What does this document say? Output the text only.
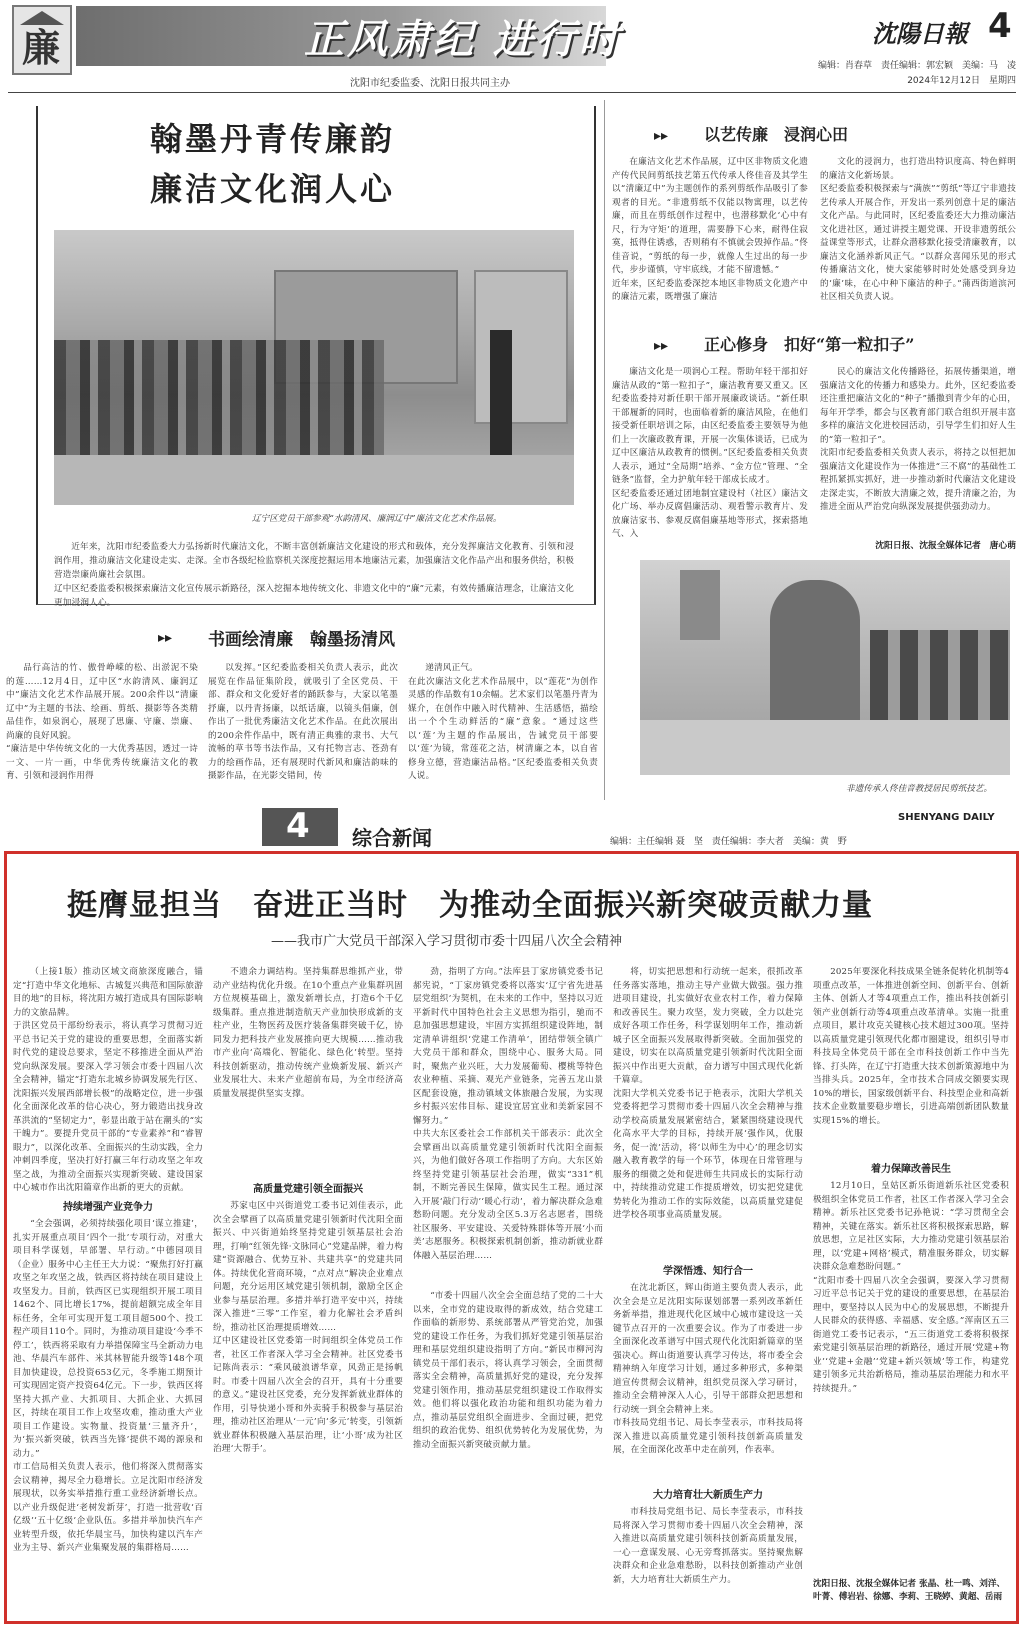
廉	正风肃纪 进行时
沈阳市纪委监委、沈阳日报共同主办
沈陽日報 4
编辑：肖春草　责任编辑：郭宏颖　美编：马　凌
2024年12月12日　星期四
翰墨丹青传廉韵
廉洁文化润人心
辽宁区党员干部参观“水韵清风、廉润辽中”廉洁文化艺术作品展。
近年来，沈阳市纪委监委大力弘扬新时代廉洁文化，不断丰富创新廉洁文化建设的形式和载体，充分发挥廉洁文化教育、引领和浸润作用，推动廉洁文化建设走实、走深。全市各级纪检监察机关深度挖掘运用本地廉洁元素，加强廉洁文化作品产出和服务供给，积极营造崇廉尚廉社会氛围。
辽中区纪委监委积极探索廉洁文化宣传展示新路径，深入挖掘本地传统文化、非遗文化中的“廉”元素，有效传播廉洁理念，让廉洁文化更加浸润人心。
▸▸ 书画绘清廉　翰墨扬清风
品行高洁的竹、傲骨峥嵘的松、出淤泥不染的莲……12月4日，辽中区“水韵清风、廉润辽中”廉洁文化艺术作品展开展。200余件以“清廉辽中”为主题的书法、绘画、剪纸、摄影等各类精品佳作，如泉润心，展现了思廉、守廉、崇廉、尚廉的良好风貌。
“廉洁是中华传统文化的一大优秀基因，透过一诗一文、一片一画，中华优秀传统廉洁文化的教育、引领和浸润作用得
以发挥。”区纪委监委相关负责人表示，此次展览在作品征集阶段，就吸引了全区党员、干部、群众和文化爱好者的踊跃参与，大家以笔墨抒廉，以丹青扬廉，以纸话廉，以镜头倡廉，创作出了一批优秀廉洁文化艺术作品。在此次展出的200余件作品中，既有清正典雅的隶书、大气流畅的草书等书法作品，又有托物言志、苍劲有力的绘画作品，还有展现时代新风和廉洁韵味的摄影作品，在光影交错间，传
递清风正气。
在此次廉洁文化艺术作品展中，以“莲花”为创作灵感的作品数有10余幅。艺术家们以笔墨丹青为媒介，在创作中融入时代精神、生活感悟，描绘出一个个生动鲜活的“廉”意象。“通过这些以‘莲’为主题的作品展出，告诫党员干部要以‘莲’为镜，常莲花之洁，树清廉之本，以自省修身立德，营造廉洁品格。”区纪委监委相关负责人说。
▸▸ 以艺传廉　浸润心田
在廉洁文化艺术作品展，辽中区非物质文化遗产传代民间剪纸技艺第五代传承人佟佳音及其学生以“清廉辽中”为主题创作的系列剪纸作品吸引了参观者的目光。“非遗剪纸不仅能以物寓理，以艺传廉，而且在剪纸创作过程中，也潜移默化‘心中有尺，行为守矩’的道理，需要静下心来，耐得住寂寞，抵得住诱惑，否则稍有不慎就会毁掉作品。”佟佳音说，“剪纸的每一步，就像人生过出的每一步代，步步谨慎，守牢底线，才能不留遗憾。”
近年来，区纪委监委深挖本地区非物质文化遗产中的廉洁元素，既增强了廉洁
文化的浸润力，也打造出特识度高、特色鲜明的廉洁文化新场景。
区纪委监委积极探索与“满族”“剪纸”等辽宁非遗技艺传承人开展合作，开发出一系列创意十足的廉洁文化产品。与此同时，区纪委监委还大力推动廉洁文化进社区，通过讲授主题党课、开设非遗剪纸公益课堂等形式，让群众潜移默化接受清廉教育，以廉洁文化涵养新风正气。“以群众喜闻乐见的形式传播廉洁文化，使大家能够时时处处感受到身边的‘廉’味，在心中种下廉洁的种子。”蒲西街道滨河社区相关负责人说。
▸▸ 正心修身　扣好“第一粒扣子”
廉洁文化是一项润心工程。帮助年轻干部扣好廉洁从政的“第一粒扣子”，廉洁教育要又重又。区纪委监委持对新任职干部开展廉政谈话。“新任职干部履新的同时，也面临着新的廉洁风险，在他们接受新任职培训之际，由区纪委监委主要领导为他们上一次廉政教育课，开展一次集体谈话，已成为辽中区廉洁从政教育的惯例。”区纪委监委相关负责人表示，通过“全局期”培养、“金方位”管理、“全链条”监督，全力护航年轻干部成长成才。
区纪委监委还通过团地制宜建设村（社区）廉洁文化广场、举办反腐倡廉活动、观看警示教育片、发放廉洁家书、参观反腐倡廉基地等形式，探索搭地气、入
民心的廉洁文化传播路径，拓展传播渠道，增强廉洁文化的传播力和感染力。此外，区纪委监委还注重把廉洁文化的“种子”播撒到青少年的心田，每年开学季，都会与区教育部门联合组织开展丰富多样的廉洁文化进校园活动，引导学生们扣好人生的“第一粒扣子”。
沈阳市纪委监委相关负责人表示，将持之以恒把加强廉洁文化建设作为一体推进“三不腐”的基础性工程抓紧抓实抓好，进一步推动新时代廉洁文化建设走深走实，不断放大清廉之效，提升清廉之治，为推进全面从严治党向纵深发展提供强劲动力。
沈阳日报、沈报全媒体记者　唐心萌
非遗传承人佟佳音教授居民剪纸技艺。
SHENYANG DAILY
4 综合新闻	编辑：主任编辑 聂　坚　责任编辑：李大者　美编：黄　野
挺膺显担当　奋进正当时　为推动全面振兴新突破贡献力量
——我市广大党员干部深入学习贯彻市委十四届八次全会精神
（上接1版）推动区域文商旅深度融合，锚定“打造中华文化地标、古城复兴典范和国际旅游目的地”的目标，将沈阳方城打造成具有国际影响力的文旅品牌。
于洪区党员干部纷纷表示，将认真学习贯彻习近平总书记关于党的建设的重要思想，全面落实新时代党的建设总要求，坚定不移推进全面从严治党向纵深发展。要深入学习领会市委十四届八次全会精神，锚定“打造东北城乡协调发展先行区、沈阳振兴发展西部增长极”的战略定位，进一步强化全面深化改革的信心决心，努力锻造出找身改革洪流的“坚韧定力”，彰显出敢于站在潮头的“实干魄力”。要提升党员干部的“专业素养”和“睿智眼力”，以深化改革、全面振兴的生动实践，全力冲刺四季度，坚决打好打赢三年行动攻坚之年攻坚之战，为推动全面振兴实现新突破、建设国家中心城市作出沈阳篇章作出新的更大的贡献。
持续增强产业竞争力
“全会强调，必须持续强化项目‘谋立推建’，扎实开展重点项目‘四个一批’专项行动，对重大项目科学谋划，早部署、早行动。”中德园项目（企业）服务中心主任王大力说：“聚焦打好打赢攻坚之年攻坚之战，铁西区将持续在项目建设上攻坚发力。目前，铁西区已实现组织开展工项目1462个、同比增长17%，提前超额完成全年目标任务，全年可实现开复工项目超500个、投工程产项目110个。同时，为推动项目建设‘今季不停工’，铁西将采取有力举措保障宝马全新动力电池、华晨汽车部件、米其林智能升级等148个项目加快建设，总投资653亿元，冬季施工期预计可实现固定资产投资64亿元。下一步，铁西区将坚持大抓产业、大抓项目、大抓企业、大抓园区，持续在项目工作上攻坚攻难，推动重大产业项目工作建设。实物量、投资量‘三量齐升’，为‘振兴新突破，铁西当先锋’提供不竭的源泉和动力。”
市工信局相关负责人表示，他们将深入贯彻落实会议精神，揭尽全力稳增长。立足沈阳市经济发展现状，以务实举措推行重工业经济新增长点。以产业升级促进‘老树发新芽’，打造一批营收‘百亿级’‘五十亿级’企业队伍。多措并举加快汽车产业转型升级，依托华晨宝马，加快构建以汽车产业为主导、新兴产业集聚发展的集群格局……
不遗余力调结构。坚持集群思维抓产业，带动产业结构优化升级。在10个重点产业集群巩固方位规模基础上，激发新增长点，打造6个千亿级集群。重点推进制造航天产业加快形成新的支柱产业，生物医药及医疗装备集群突破千亿，协同发力把科技产业发展推向更大规模……推动我市产业向‘高端化、智能化、绿色化’转型。坚持科技创新驱动，推动传统产业焕新发展、新兴产业发展壮大、未来产业超前布局，为全市经济高质量发展提供坚实支撑。
高质量党建引领全面振兴
苏家屯区中兴街道党工委书记刘佳表示，此次全会擘画了以高质量党建引领新时代沈阳全面振兴、中兴街道始终坚持党建引领基层社会治理，打响“红领先锋·文脉同心”党建品牌，着力构建“资源融合、优势互补、共建共享”的党建共同体。持续优化营商环境，“点对点”解决企业难点问题，充分运用区域党建引领机制，激励全区企业参与基层治理。多措并举打造平安中兴，持续深入推进“三零”工作室，着力化解社会矛盾纠纷，推动社区治理提质增效……
辽中区建设社区党委第一时间组织全体党员工作者，社区工作者深入学习全会精神。社区党委书记陈尚表示：“乘风破浪谱华章，风劲正是扬帆时。市委十四届八次全会的召开，具有十分重要的意义。”建设社区党委，充分发挥新就业群体的作用，引导快递小哥和外卖骑手积极参与基层治理，推动社区治理从‘一元’向‘多元’转变，引领新就业群体积极融入基层治理，让‘小哥’成为社区治理‘大帮手’。
劲，指明了方向。”法库县丁家房镇党委书记郝宪说，“丁家房镇党委将以落实‘辽宁省先进基层党组织’为契机，在未来的工作中，坚持以习近平新时代中国特色社会主义思想为指引，驰而不息加强思想建设，牢固方实抓组织建设阵地，制定清单讲组织‘党建工作清单’，团结带领全镇广大党员干部和群众，围绕中心、服务大局。同时，聚焦产业兴旺，大力发展葡萄、樱桃等特色农业种植、采摘、观光产业链条，完善五龙山景区配套设施，推动镇域文体旅融合发展，为实现乡村振兴宏伟目标、建设宜居宜业和美新家园不懈努力。”
中共大东区委社会工作部机关干部表示：此次全会擘画出以高质量党建引领新时代沈阳全面振兴，为他们做好各项工作指明了方向。大东区始终坚持党建引领基层社会治理，做实“331”机制，不断完善民生保障，做实民生工程。通过深入开展‘敲门行动’‘暖心行动’，着力解决群众急难愁盼问题。充分发动全区5.3万名志愿者，围绕社区服务、平安建设、关爱特殊群体等开展‘小而美’志愿服务。积极探索机制创新，推动新就业群体融入基层治理……
“市委十四届八次全会全面总结了党的二十大以来，全市党的建设取得的新成效，结合党建工作面临的新形势、系统部署从严管党治党，加强党的建设工作任务，为我们抓好党建引领基层治理和基层党组织建设指明了方向。”新民市柳河沟镇党员干部们表示，将认真学习领会，全面贯彻落实全会精神，高质量抓好党的建设，充分发挥党建引领作用，推动基层党组织建设工作取得实效。他们将以强化政治功能和组织功能为着力点，推动基层党组织全面进步、全面过硬，把党组织的政治优势、组织优势转化为发展优势，为推动全面振兴新突破贡献力量。
将，切实把思想和行动统一起来，很抓改革任务落实落地，推动主导产业做大做强。强力推进项目建设，扎实做好农业农村工作，着力保障和改善民生。聚力攻坚，发力突破，全力以赴完成好各项工作任务，科学谋划明年工作，推动新城子区全面振兴发展取得新突破。全面加强党的建设，切实在以高质量党建引领新时代沈阳全面振兴中作出更大贡献，奋力谱写中国式现代化新千篇章。
沈阳大学机关党委书记于艳表示，沈阳大学机关党委将把学习贯彻市委十四届八次全会精神与推动学校高质量发展紧密结合，紧紧围绕建设现代化高水平大学的目标，持续开展‘强作风，优服务，促一流’活动，将‘以师生为中心’的理念切实融入教育教学的每一个环节，体现在日常管理与服务的细微之处和促进师生共同成长的实际行动中，持续推动党建工作提质增效，切实把党建优势转化为推动工作的实际效能，以高质量党建促进学校各项事业高质量发展。
学深悟透、知行合一
在沈北新区，辉山街道主要负责人表示，此次全会是立足沈阳实际谋划部署一系列改革新任务新举措，推进现代化区域中心城市建设这一关键节点召开的一次重要会议。作为了市委进一步全面深化改革谱写中国式现代化沈阳新篇章的坚强决心。辉山街道要认真学习传达，将市委全会精神纳入年度学习计划，通过多种形式，多种渠道宣传贯彻会议精神，组织党员深入学习研讨，推动全会精神深入人心，引导干部群众把思想和行动统一到全会精神上来。
市科技局党组书记、局长李莹表示，市科技局将深入推进以高质量党建引领科技创新高质量发展，在全面深化改革中走在前列，作表率。
大力培育壮大新质生产力
市科技局党组书记、局长李莹表示，市科技局将深入学习贯彻市委十四届八次全会精神，深入推进以高质量党建引领科技创新高质量发展，一心一意谋发展、心无旁骛抓落实。坚持聚焦解决群众和企业急难愁盼，以科技创新推动产业创新，大力培育壮大新质生产力。
2025年要深化科技成果全链条促转化机制等4项重点改革，一体推进创新空间、创新平台、创新主体、创新人才等4项重点工作，推出科技创新引领产业创新行动等4项重点改革清单。实施一批重点项目，累计攻克关键核心技术超过300项。坚持以高质量党建引领现代化都市圈建设，组织引导市科技局全体党员干部在全市科技创新工作中当先锋、打头阵，在辽宁打造重大技术创新策源地中为当排头兵。2025年，全市技术合同成交额要实现10%的增长，国家级创新平台、科技型企业和高新技术企业数量要稳步增长，引进高端创新团队数量实现15%的增长。
着力保障改善民生
12月10日，皇姑区新乐街道新乐社区党委积极组织全体党员工作者，社区工作者深入学习全会精神。新乐社区党委书记孙艳说：“学习贯彻全会精神，关键在落实。新乐社区将积极探索思路，解放思想，立足社区实际，大力推动党建引领基层治理，以‘党建+网格’模式，精准服务群众，切实解决群众急难愁盼问题。”
“沈阳市委十四届八次全会强调，要深入学习贯彻习近平总书记关于党的建设的重要思想，在基层治理中，要坚持以人民为中心的发展思想，不断提升人民群众的获得感、幸福感、安全感。”浑南区五三街道党工委书记表示，“五三街道党工委将积极探索党建引领基层治理的新路径，通过开展‘党建+物业’‘党建+金融’‘党建+新兴领域’等工作，构建党建引领多元共治新格局，推动基层治理能力和水平持续提升。”
沈阳日报、沈报全媒体记者 张晶、杜一鸣、刘洋、叶菁、傅岩岩、徐娜、李莉、王晓婷、黄超、岳雨
